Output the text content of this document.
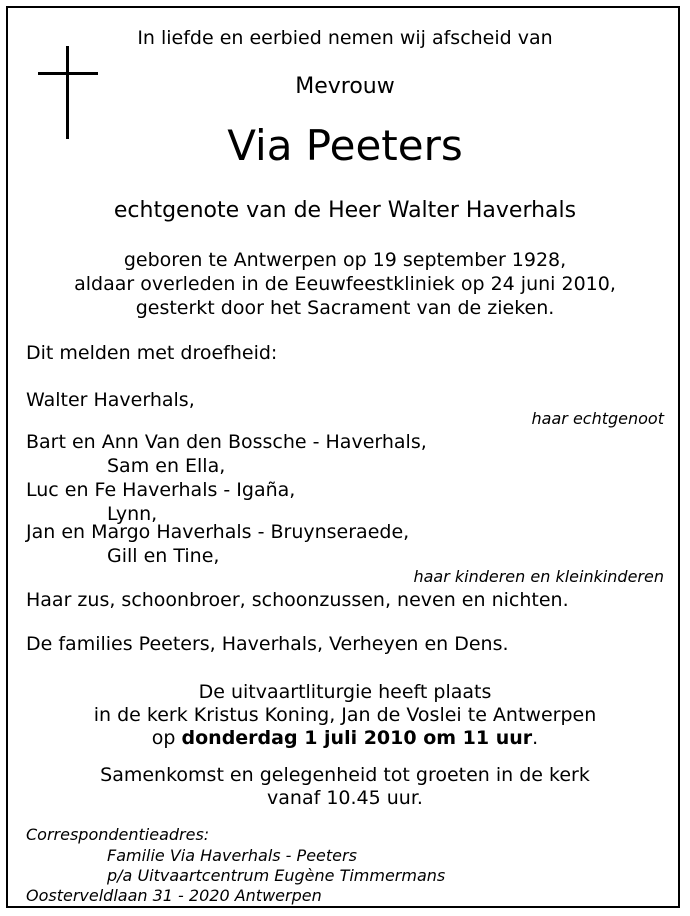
In liefde en eerbied nemen wij afscheid van
Mevrouw
Via Peeters
echtgenote van de Heer Walter Haverhals
geboren te Antwerpen op 19 september 1928,
aldaar overleden in de Eeuwfeestkliniek op 24 juni 2010,
gesterkt door het Sacrament van de zieken.
Dit melden met droefheid:
Walter Haverhals,
haar echtgenoot
Bart en Ann Van den Bossche - Haverhals,
Sam en Ella,
Luc en Fe Haverhals - Igaña,
Lynn,
Jan en Margo Haverhals - Bruynseraede,
Gill en Tine,
haar kinderen en kleinkinderen
Haar zus, schoonbroer, schoonzussen, neven en nichten.
De families Peeters, Haverhals, Verheyen en Dens.
De uitvaartliturgie heeft plaats
in de kerk Kristus Koning, Jan de Voslei te Antwerpen
op donderdag 1 juli 2010 om 11 uur.
Samenkomst en gelegenheid tot groeten in de kerk
vanaf 10.45 uur.
Correspondentieadres:
Familie Via Haverhals - Peeters
p/a Uitvaartcentrum Eugène Timmermans
Oosterveldlaan 31 - 2020 Antwerpen
